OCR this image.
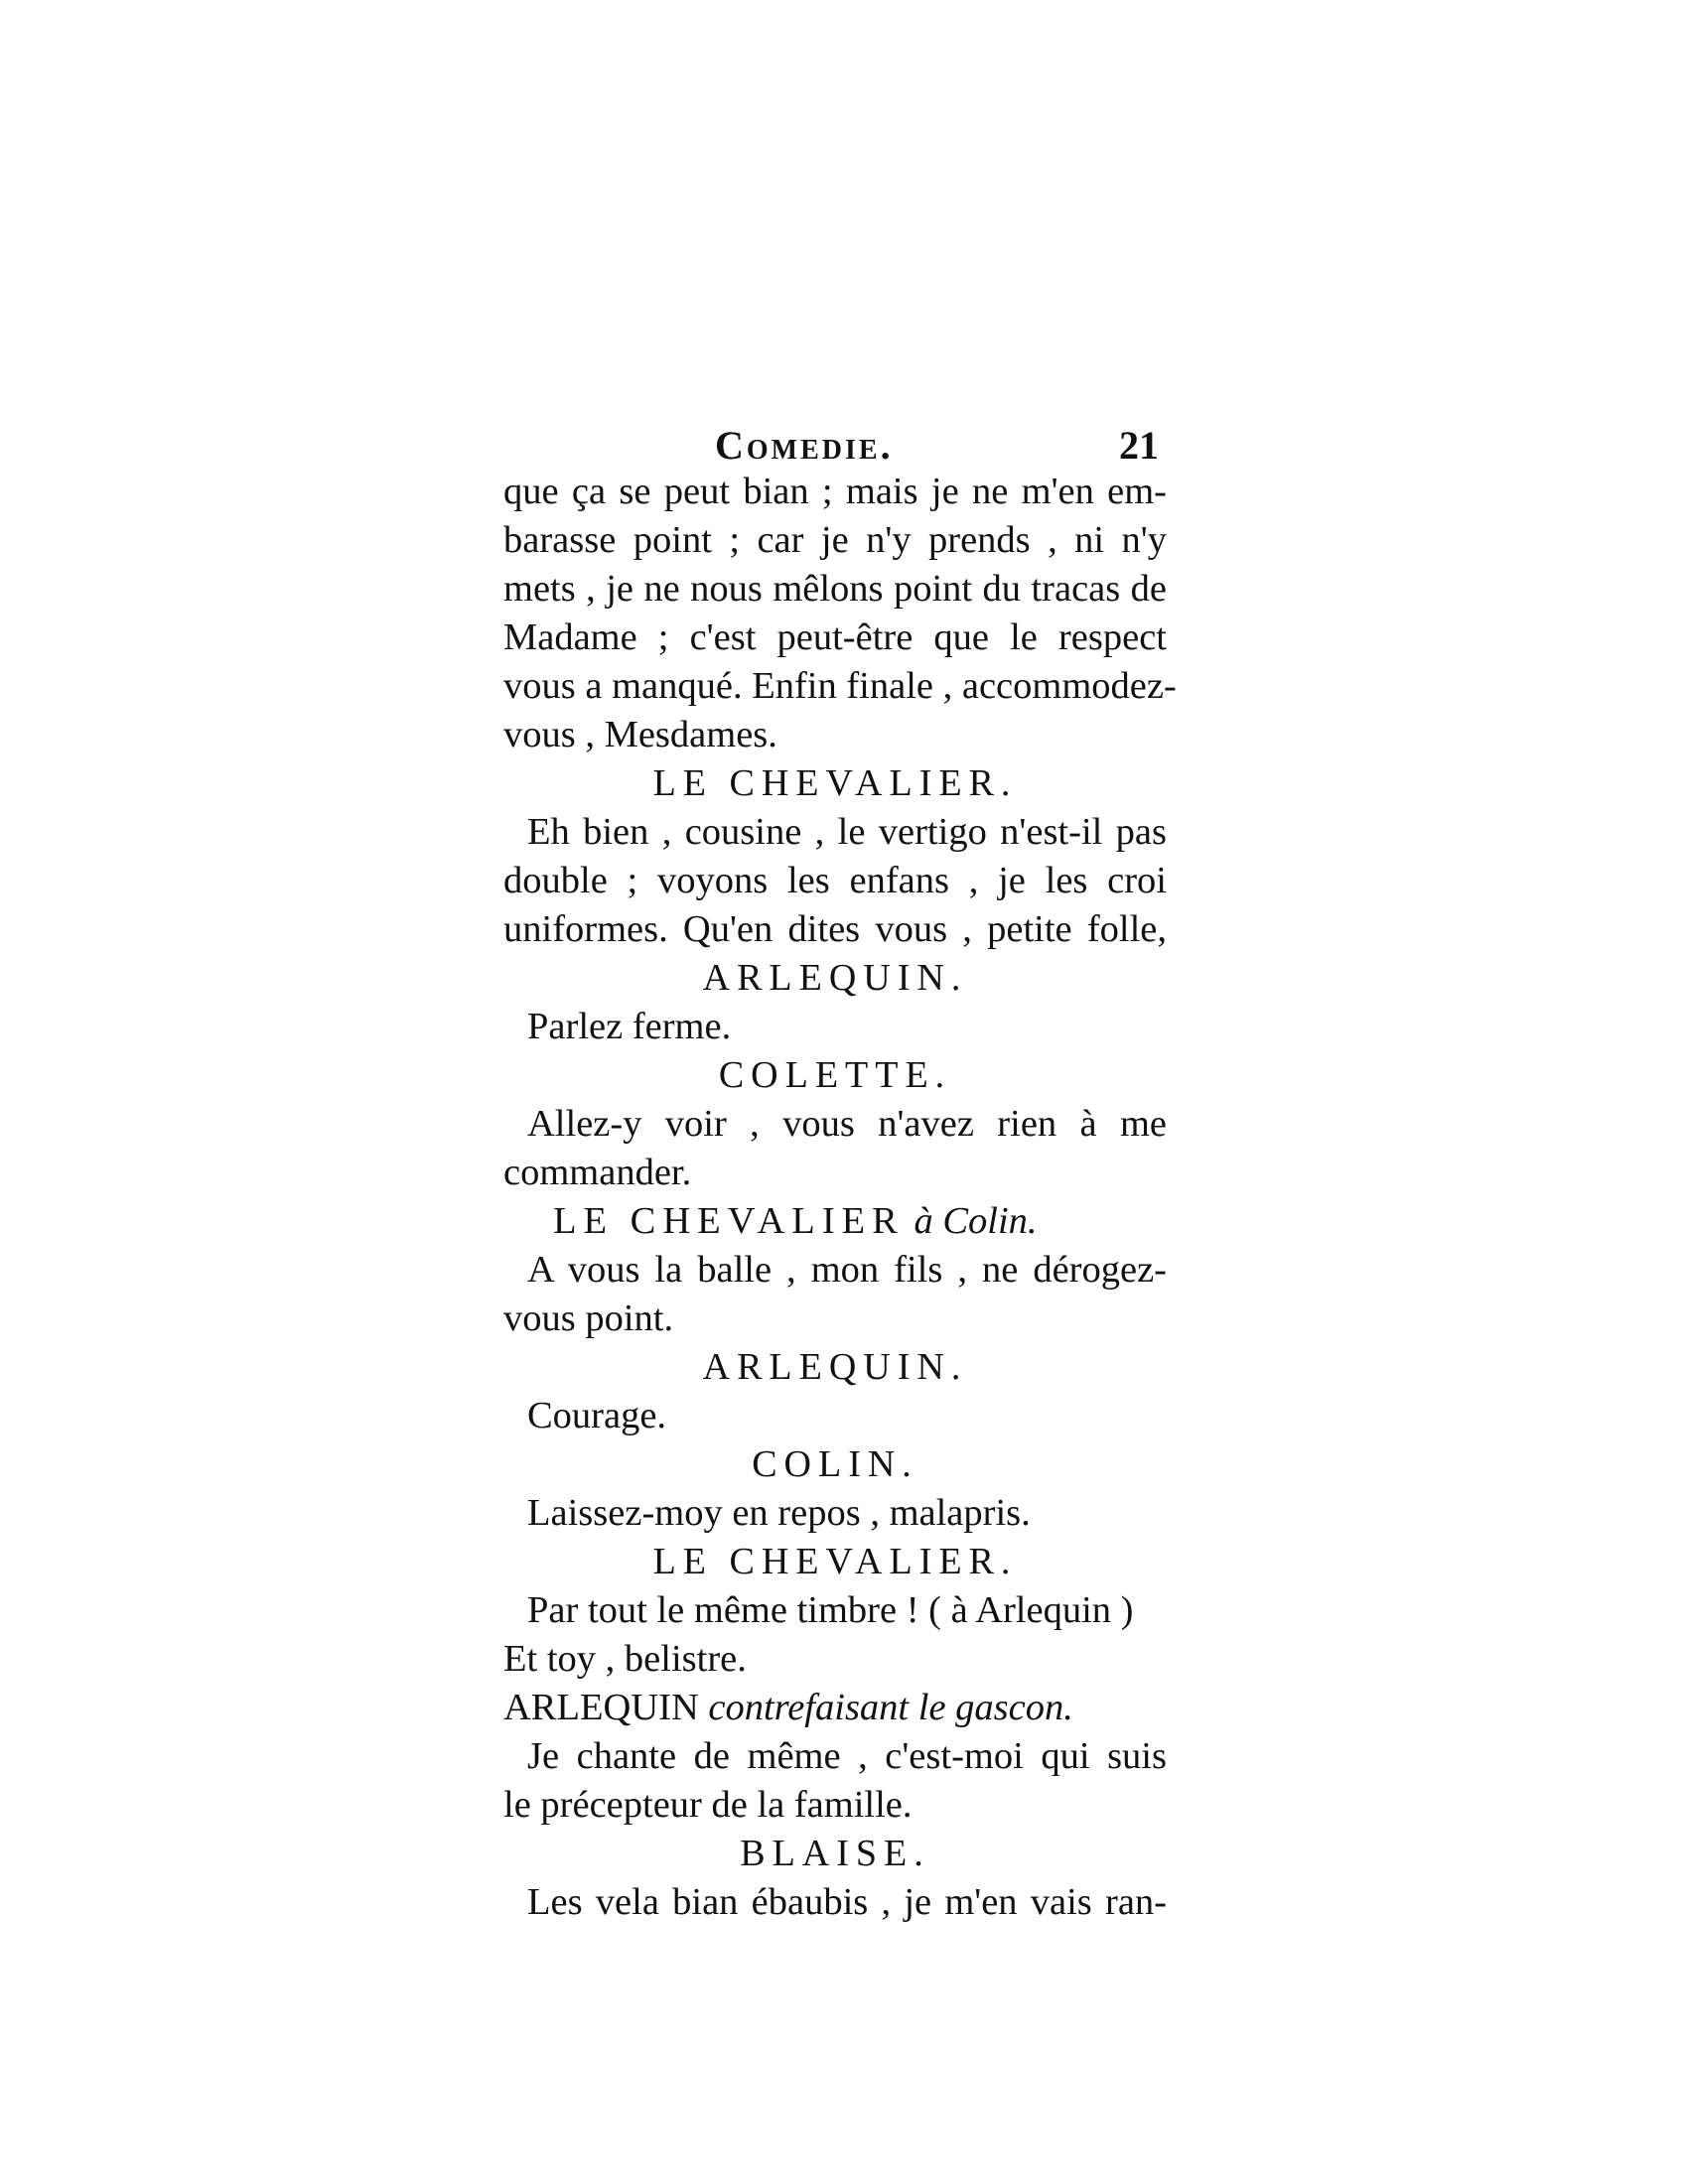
Comedie.	21
que ça se peut bian ; mais je ne m'en em-
barasse point ; car je n'y prends , ni n'y
mets , je ne nous mêlons point du tracas de
Madame ; c'est peut-être que le respect
vous a manqué. Enfin finale , accommodez-
vous , Mesdames.
LE CHEVALIER.
Eh bien , cousine , le vertigo n'est-il pas
double ; voyons les enfans , je les croi
uniformes. Qu'en dites vous , petite folle,
ARLEQUIN.
Parlez ferme.
COLETTE.
Allez-y voir , vous n'avez rien à me
commander.
LE CHEVALIER à Colin.
A vous la balle , mon fils , ne dérogez-
vous point.
ARLEQUIN.
Courage.
COLIN.
Laissez-moy en repos , malapris.
LE CHEVALIER.
Par tout le même timbre ! ( à Arlequin )
Et toy , belistre.
ARLEQUIN contrefaisant le gascon.
Je chante de même , c'est-moi qui suis
le précepteur de la famille.
BLAISE.
Les vela bian ébaubis , je m'en vais ran-
